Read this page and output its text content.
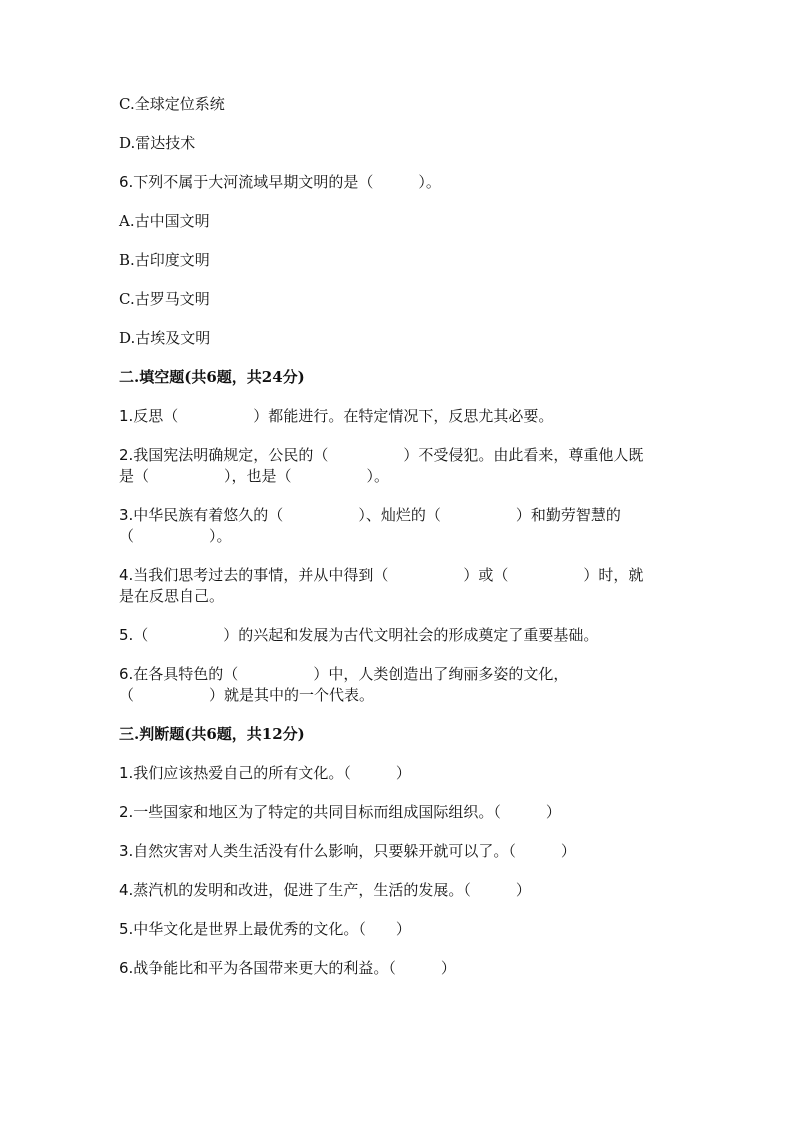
C.全球定位系统

D.雷达技术

6.下列不属于大河流域早期文明的是（　　　）。

A.古中国文明

B.古印度文明

C.古罗马文明

D.古埃及文明

二.填空题(共6题，共24分)

1.反思（　　　　　）都能进行。在特定情况下，反思尤其必要。

2.我国宪法明确规定，公民的（　　　　　）不受侵犯。由此看来，尊重他人既

是（　　　　　），也是（　　　　　）。

3.中华民族有着悠久的（　　　　　）、灿烂的（　　　　　）和勤劳智慧的

（　　　　　）。

4.当我们思考过去的事情，并从中得到（　　　　　）或（　　　　　）时，就

是在反思自己。

5.（　　　　　）的兴起和发展为古代文明社会的形成奠定了重要基础。

6.在各具特色的（　　　　　）中，人类创造出了绚丽多姿的文化，

（　　　　　）就是其中的一个代表。

三.判断题(共6题，共12分)

1.我们应该热爱自己的所有文化。（　　　）

2.一些国家和地区为了特定的共同目标而组成国际组织。（　　　）

3.自然灾害对人类生活没有什么影响，只要躲开就可以了。（　　　）

4.蒸汽机的发明和改进，促进了生产，生活的发展。（　　　）

5.中华文化是世界上最优秀的文化。（　　）

6.战争能比和平为各国带来更大的利益。（　　　）
